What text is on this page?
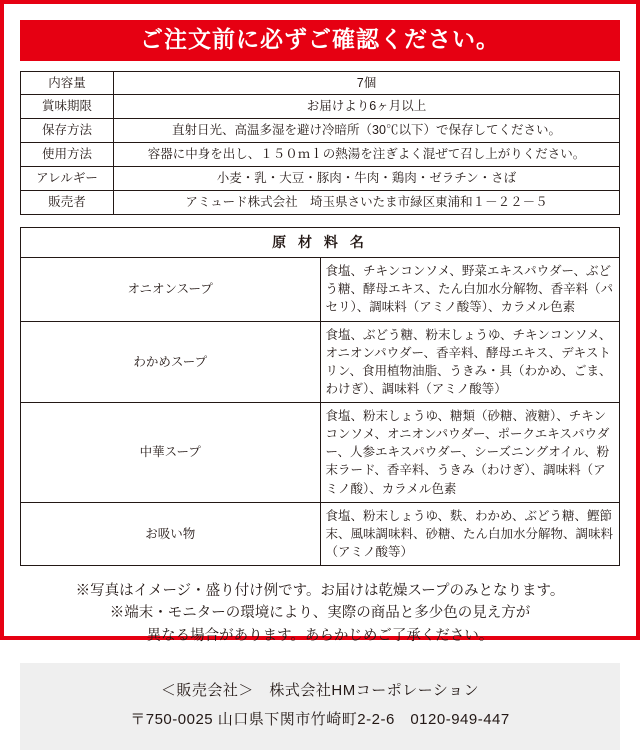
ご注文前に必ずご確認ください。
内容量	7個
賞味期限	お届けより6ヶ月以上
保存方法	直射日光、高温多湿を避け冷暗所（30℃以下）で保存してください。
使用方法	容器に中身を出し、１５０ｍｌの熱湯を注ぎよく混ぜて召し上がりください。
アレルギー	小麦・乳・大豆・豚肉・牛肉・鶏肉・ゼラチン・さば
販売者	アミュード株式会社　埼玉県さいたま市緑区東浦和１－２２－５
原 材 料 名	
オニオンスープ	食塩、チキンコンソメ、野菜エキスパウダー、ぶどう糖、酵母エキス、たん白加水分解物、香辛料（パセリ）、調味料（アミノ酸等）、カラメル色素
わかめスープ	食塩、ぶどう糖、粉末しょうゆ、チキンコンソメ、オニオンパウダー、香辛料、酵母エキス、デキストリン、食用植物油脂、うきみ・具（わかめ、ごま、わけぎ）、調味料（アミノ酸等）
中華スープ	食塩、粉末しょうゆ、糖類（砂糖、液糖）、チキンコンソメ、オニオンパウダー、ポークエキスパウダー、人参エキスパウダー、シーズニングオイル、粉末ラード、香辛料、うきみ（わけぎ）、調味料（アミノ酸）、カラメル色素
お吸い物	食塩、粉末しょうゆ、麩、わかめ、ぶどう糖、鰹節末、風味調味料、砂糖、たん白加水分解物、調味料（アミノ酸等）
※写真はイメージ・盛り付け例です。お届けは乾燥スープのみとなります。
※端末・モニターの環境により、実際の商品と多少色の見え方が
異なる場合があります。あらかじめご了承ください。
＜販売会社＞　株式会社HMコーポレーション
〒750-0025 山口県下関市竹崎町2-2-6　0120-949-447
